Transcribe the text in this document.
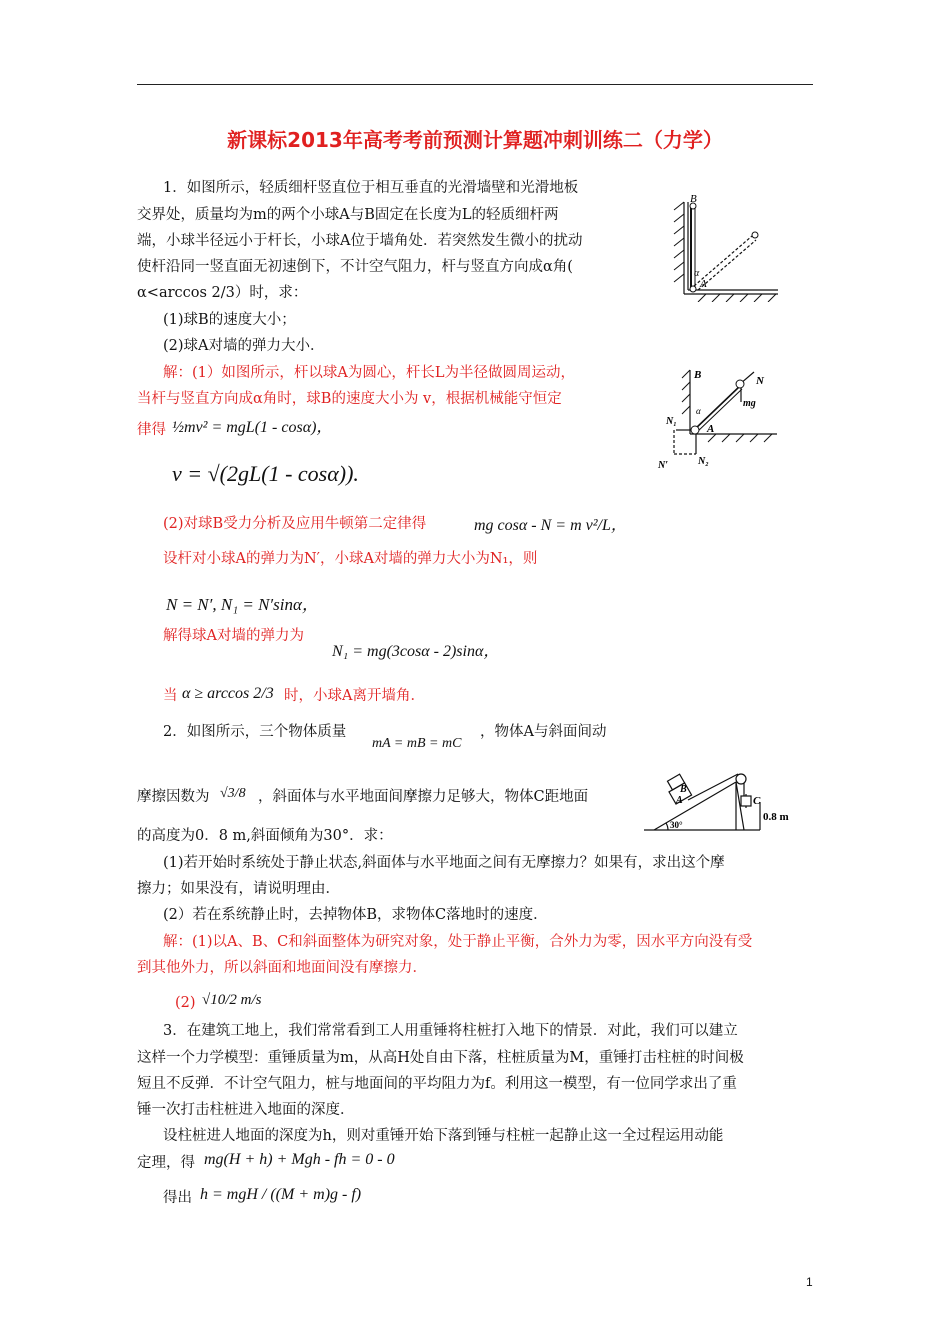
新课标2013年高考考前预测计算题冲刺训练二（力学）
1．如图所示，轻质细杆竖直位于相互垂直的光滑墙壁和光滑地板
交界处，质量均为m的两个小球A与B固定在长度为L的轻质细杆两
端，小球半径远小于杆长，小球A位于墙角处．若突然发生微小的扰动
使杆沿同一竖直面无初速倒下，不计空气阻力，杆与竖直方向成α角(
α<arccos 2/3）时，求：
(1)球B的速度大小；
(2)球A对墙的弹力大小．
解：(1）如图所示，杆以球A为圆心，杆长L为半径做圆周运动，
当杆与竖直方向成α角时，球B的速度大小为 v，根据机械能守恒定
律得 ½mv² = mgL(1 - cosα)，
v = √(2gL(1 - cosα)).
(2)对球B受力分析及应用牛顿第二定律得	mg cosα - N = m v²/L，
设杆对小球A的弹力为N′，小球A对墙的弹力大小为N₁，则
N = N′, N₁ = N′sinα，
解得球A对墙的弹力为
N₁ = mg(3cosα - 2)sinα，
当 α ≥ arccos 2/3 时，小球A离开墙角．
B
A
α
B	N
mg
N₁
A
N′	N₂
α
2．如图所示，三个物体质量
mA = mB = mC
，物体A与斜面间动
摩擦因数为 √3/8 ，斜面体与水平地面间摩擦力足够大，物体C距地面
的高度为0．8 m,斜面倾角为30°．求：
(1)若开始时系统处于静止状态,斜面体与水平地面之间有无摩擦力？如果有，求出这个摩
擦力；如果没有，请说明理由．
(2）若在系统静止时，去掉物体B，求物体C落地时的速度．
解：(1)以A、B、C和斜面整体为研究对象，处于静止平衡，合外力为零，因水平方向没有受
到其他外力，所以斜面和地面间没有摩擦力．
(2) √10/2 m/s
A
B
C
30°
0.8 m
3．在建筑工地上，我们常常看到工人用重锤将柱桩打入地下的情景．对此，我们可以建立
这样一个力学模型：重锤质量为m，从高H处自由下落，柱桩质量为M，重锤打击柱桩的时间极
短且不反弹．不计空气阻力，桩与地面间的平均阻力为f。利用这一模型，有一位同学求出了重
锤一次打击柱桩进入地面的深度．
设柱桩进人地面的深度为h，则对重锤开始下落到锤与柱桩一起静止这一全过程运用动能
定理，得 mg(H + h) + Mgh - fh = 0 - 0
得出 h = mgH / ((M + m)g - f)
1
